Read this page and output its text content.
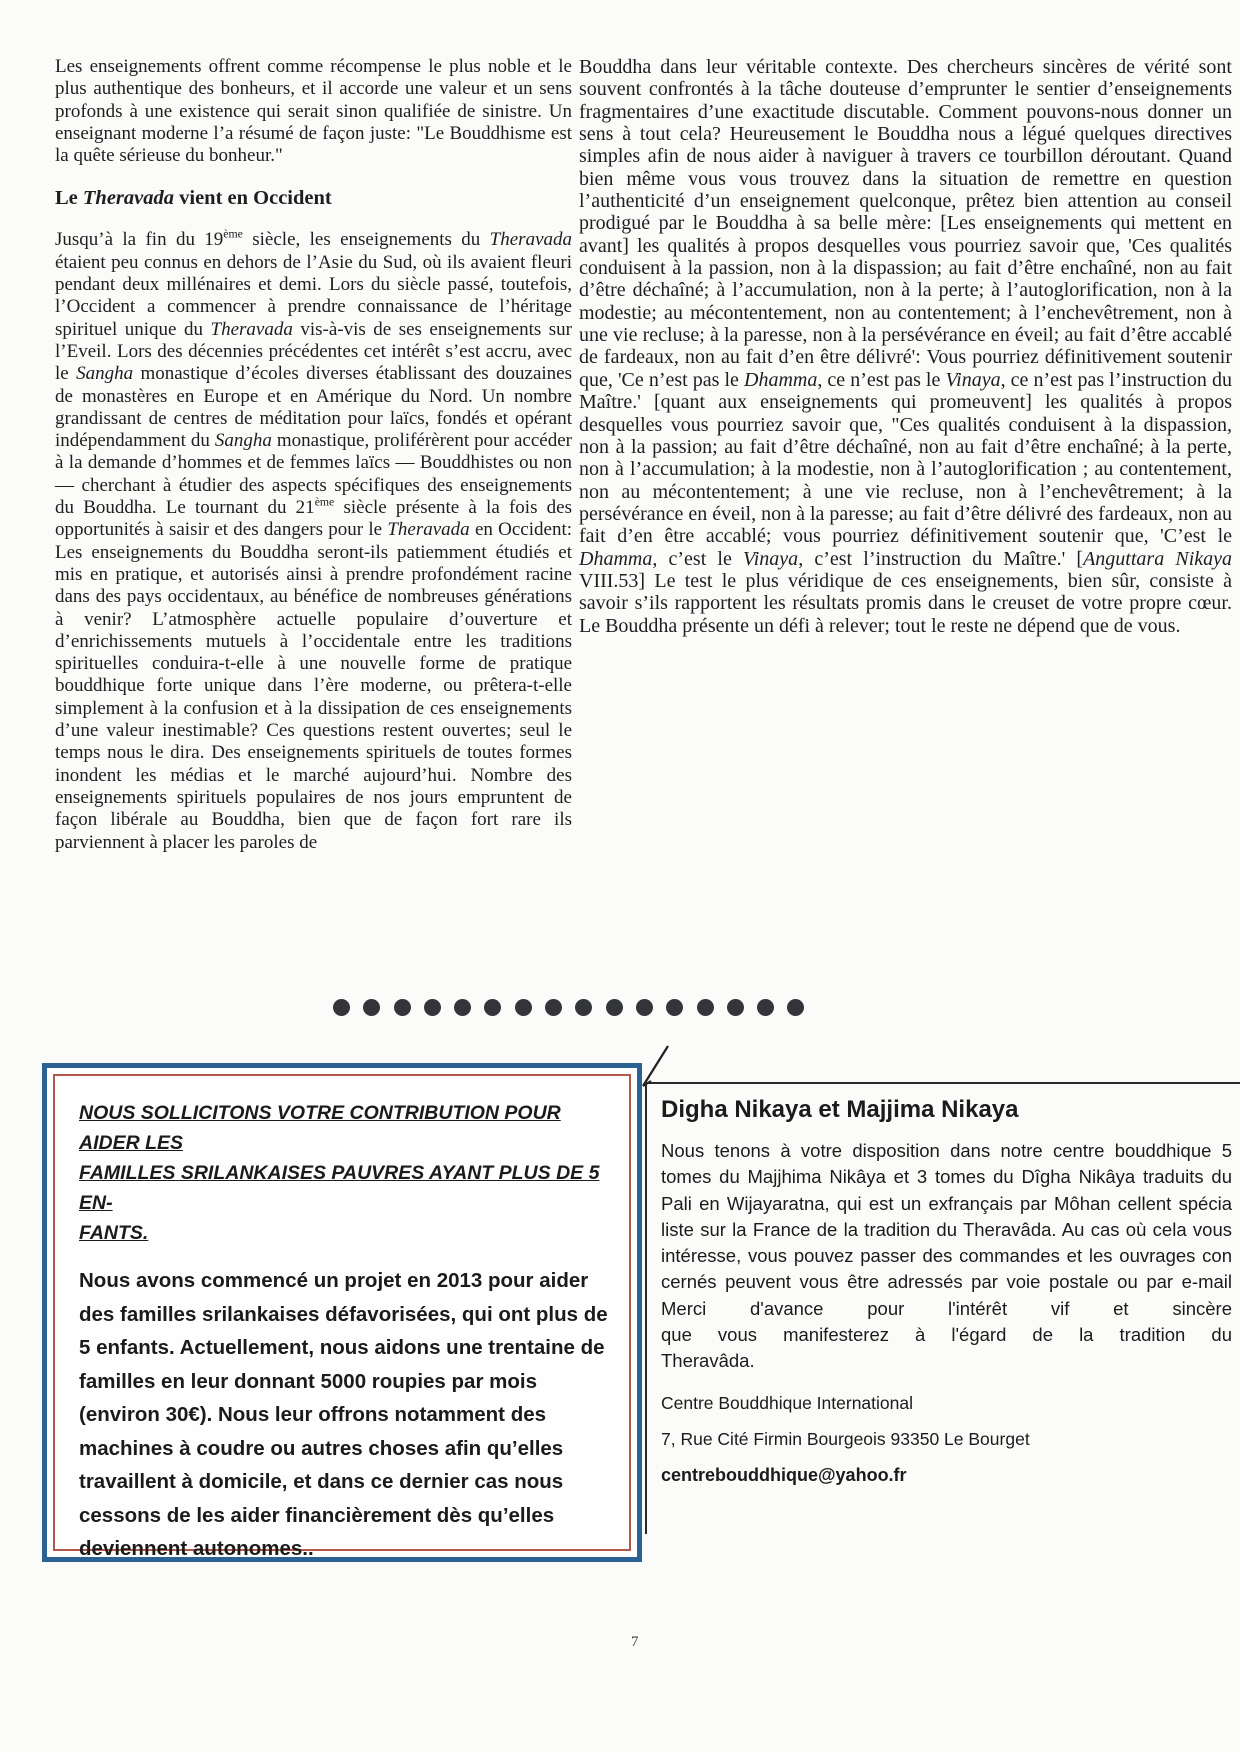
Les enseignements offrent comme récompense le plus noble et le plus authentique des bonheurs, et il accorde une valeur et un sens profonds à une existence qui serait sinon qualifiée de sinistre. Un enseignant moderne l’a résumé de façon juste: "Le Bouddhisme est la quête sérieuse du bonheur."

Le Theravada vient en Occident

Jusqu’à la fin du 19ème siècle, les enseignements du Theravada étaient peu connus en dehors de l’Asie du Sud, où ils avaient fleuri pendant deux millénaires et demi. Lors du siècle passé, toutefois, l’Occident a commencer à prendre connaissance de l’héritage spirituel unique du Theravada vis-à-vis de ses enseignements sur l’Eveil. Lors des décennies précédentes cet intérêt s’est accru, avec le Sangha monastique d’écoles diverses établissant des douzaines de monastères en Europe et en Amérique du Nord. Un nombre grandissant de centres de méditation pour laïcs, fondés et opérant indépendamment du Sangha monastique, proliférèrent pour accéder à la demande d’hommes et de femmes laïcs — Bouddhistes ou non — cherchant à étudier des aspects spécifiques des enseignements du Bouddha. Le tournant du 21ème siècle présente à la fois des opportunités à saisir et des dangers pour le Theravada en Occident: Les enseignements du Bouddha seront-ils patiemment étudiés et mis en pratique, et autorisés ainsi à prendre profondément racine dans des pays occidentaux, au bénéfice de nombreuses générations à venir? L’atmosphère actuelle populaire d’ouverture et d’enrichissements mutuels à l’occidentale entre les traditions spirituelles conduira-t-elle à une nouvelle forme de pratique bouddhique forte unique dans l’ère moderne, ou prêtera-t-elle simplement à la confusion et à la dissipation de ces enseignements d’une valeur inestimable? Ces questions restent ouvertes; seul le temps nous le dira. Des enseignements spirituels de toutes formes inondent les médias et le marché aujourd’hui. Nombre des enseignements spirituels populaires de nos jours empruntent de façon libérale au Bouddha, bien que de façon fort rare ils parviennent à placer les paroles de

Bouddha dans leur véritable contexte. Des chercheurs sincères de vérité sont souvent confrontés à la tâche douteuse d’emprunter le sentier d’enseignements fragmentaires d’une exactitude discutable. Comment pouvons-nous donner un sens à tout cela? Heureusement le Bouddha nous a légué quelques directives simples afin de nous aider à naviguer à travers ce tourbillon déroutant. Quand bien même vous vous trouvez dans la situation de remettre en question l’authenticité d’un enseignement quelconque, prêtez bien attention au conseil prodigué par le Bouddha à sa belle mère: [Les enseignements qui mettent en avant] les qualités à propos desquelles vous pourriez savoir que, 'Ces qualités conduisent à la passion, non à la dispassion; au fait d’être enchaîné, non au fait d’être déchaîné; à l’accumulation, non à la perte; à l’autoglorification, non à la modestie; au mécontentement, non au contentement; à l’enchevêtrement, non à une vie recluse; à la paresse, non à la persévérance en éveil; au fait d’être accablé de fardeaux, non au fait d’en être délivré': Vous pourriez définitivement soutenir que, 'Ce n’est pas le Dhamma, ce n’est pas le Vinaya, ce n’est pas l’instruction du Maître.' [quant aux enseignements qui promeuvent] les qualités à propos desquelles vous pourriez savoir que, "Ces qualités conduisent à la dispassion, non à la passion; au fait d’être déchaîné, non au fait d’être enchaîné; à la perte, non à l’accumulation; à la modestie, non à l’autoglorification ; au contentement, non au mécontentement; à une vie recluse, non à l’enchevêtrement; à la persévérance en éveil, non à la paresse; au fait d’être délivré des fardeaux, non au fait d’en être accablé; vous pourriez définitivement soutenir que, 'C’est le Dhamma, c’est le Vinaya, c’est l’instruction du Maître.' [Anguttara Nikaya VIII.53] Le test le plus véridique de ces enseignements, bien sûr, consiste à savoir s’ils rapportent les résultats promis dans le creuset de votre propre cœur. Le Bouddha présente un défi à relever; tout le reste ne dépend que de vous.

NOUS SOLLICITONS VOTRE CONTRIBUTION POUR AIDER LES
FAMILLES SRILANKAISES PAUVRES AYANT PLUS DE 5 EN-
FANTS.
Nous avons commencé un projet en 2013 pour aider des familles srilankaises défavorisées, qui ont plus de 5 enfants. Actuellement, nous aidons une trentaine de familles en leur donnant 5000 roupies par mois (environ 30€). Nous leur offrons notamment des machines à coudre ou autres choses afin qu’elles travaillent à domicile, et dans ce dernier cas nous cessons de les aider financièrement dès qu’elles deviennent autonomes..
Digha Nikaya et Majjima Nikaya
Nous tenons à votre disposition dans notre centre bouddhique 5
tomes du Majjhima Nikâya et 3 tomes du Dîgha Nikâya traduits du
Pali en Wijayaratna, qui est un exfrançais par Môhan cellent spécia
liste sur la France de la tradition du Theravâda. Au cas où cela vous
intéresse, vous pouvez passer des commandes et les ouvrages con
cernés peuvent vous être adressés par voie postale ou par e-mail
Merci d'avance pour l'intérêt vif et sincère
que vous manifesterez à l'égard de la tradition du
Theravâda.
Centre Bouddhique International
7, Rue Cité Firmin Bourgeois 93350 Le Bourget
centrebouddhique@yahoo.fr
7
